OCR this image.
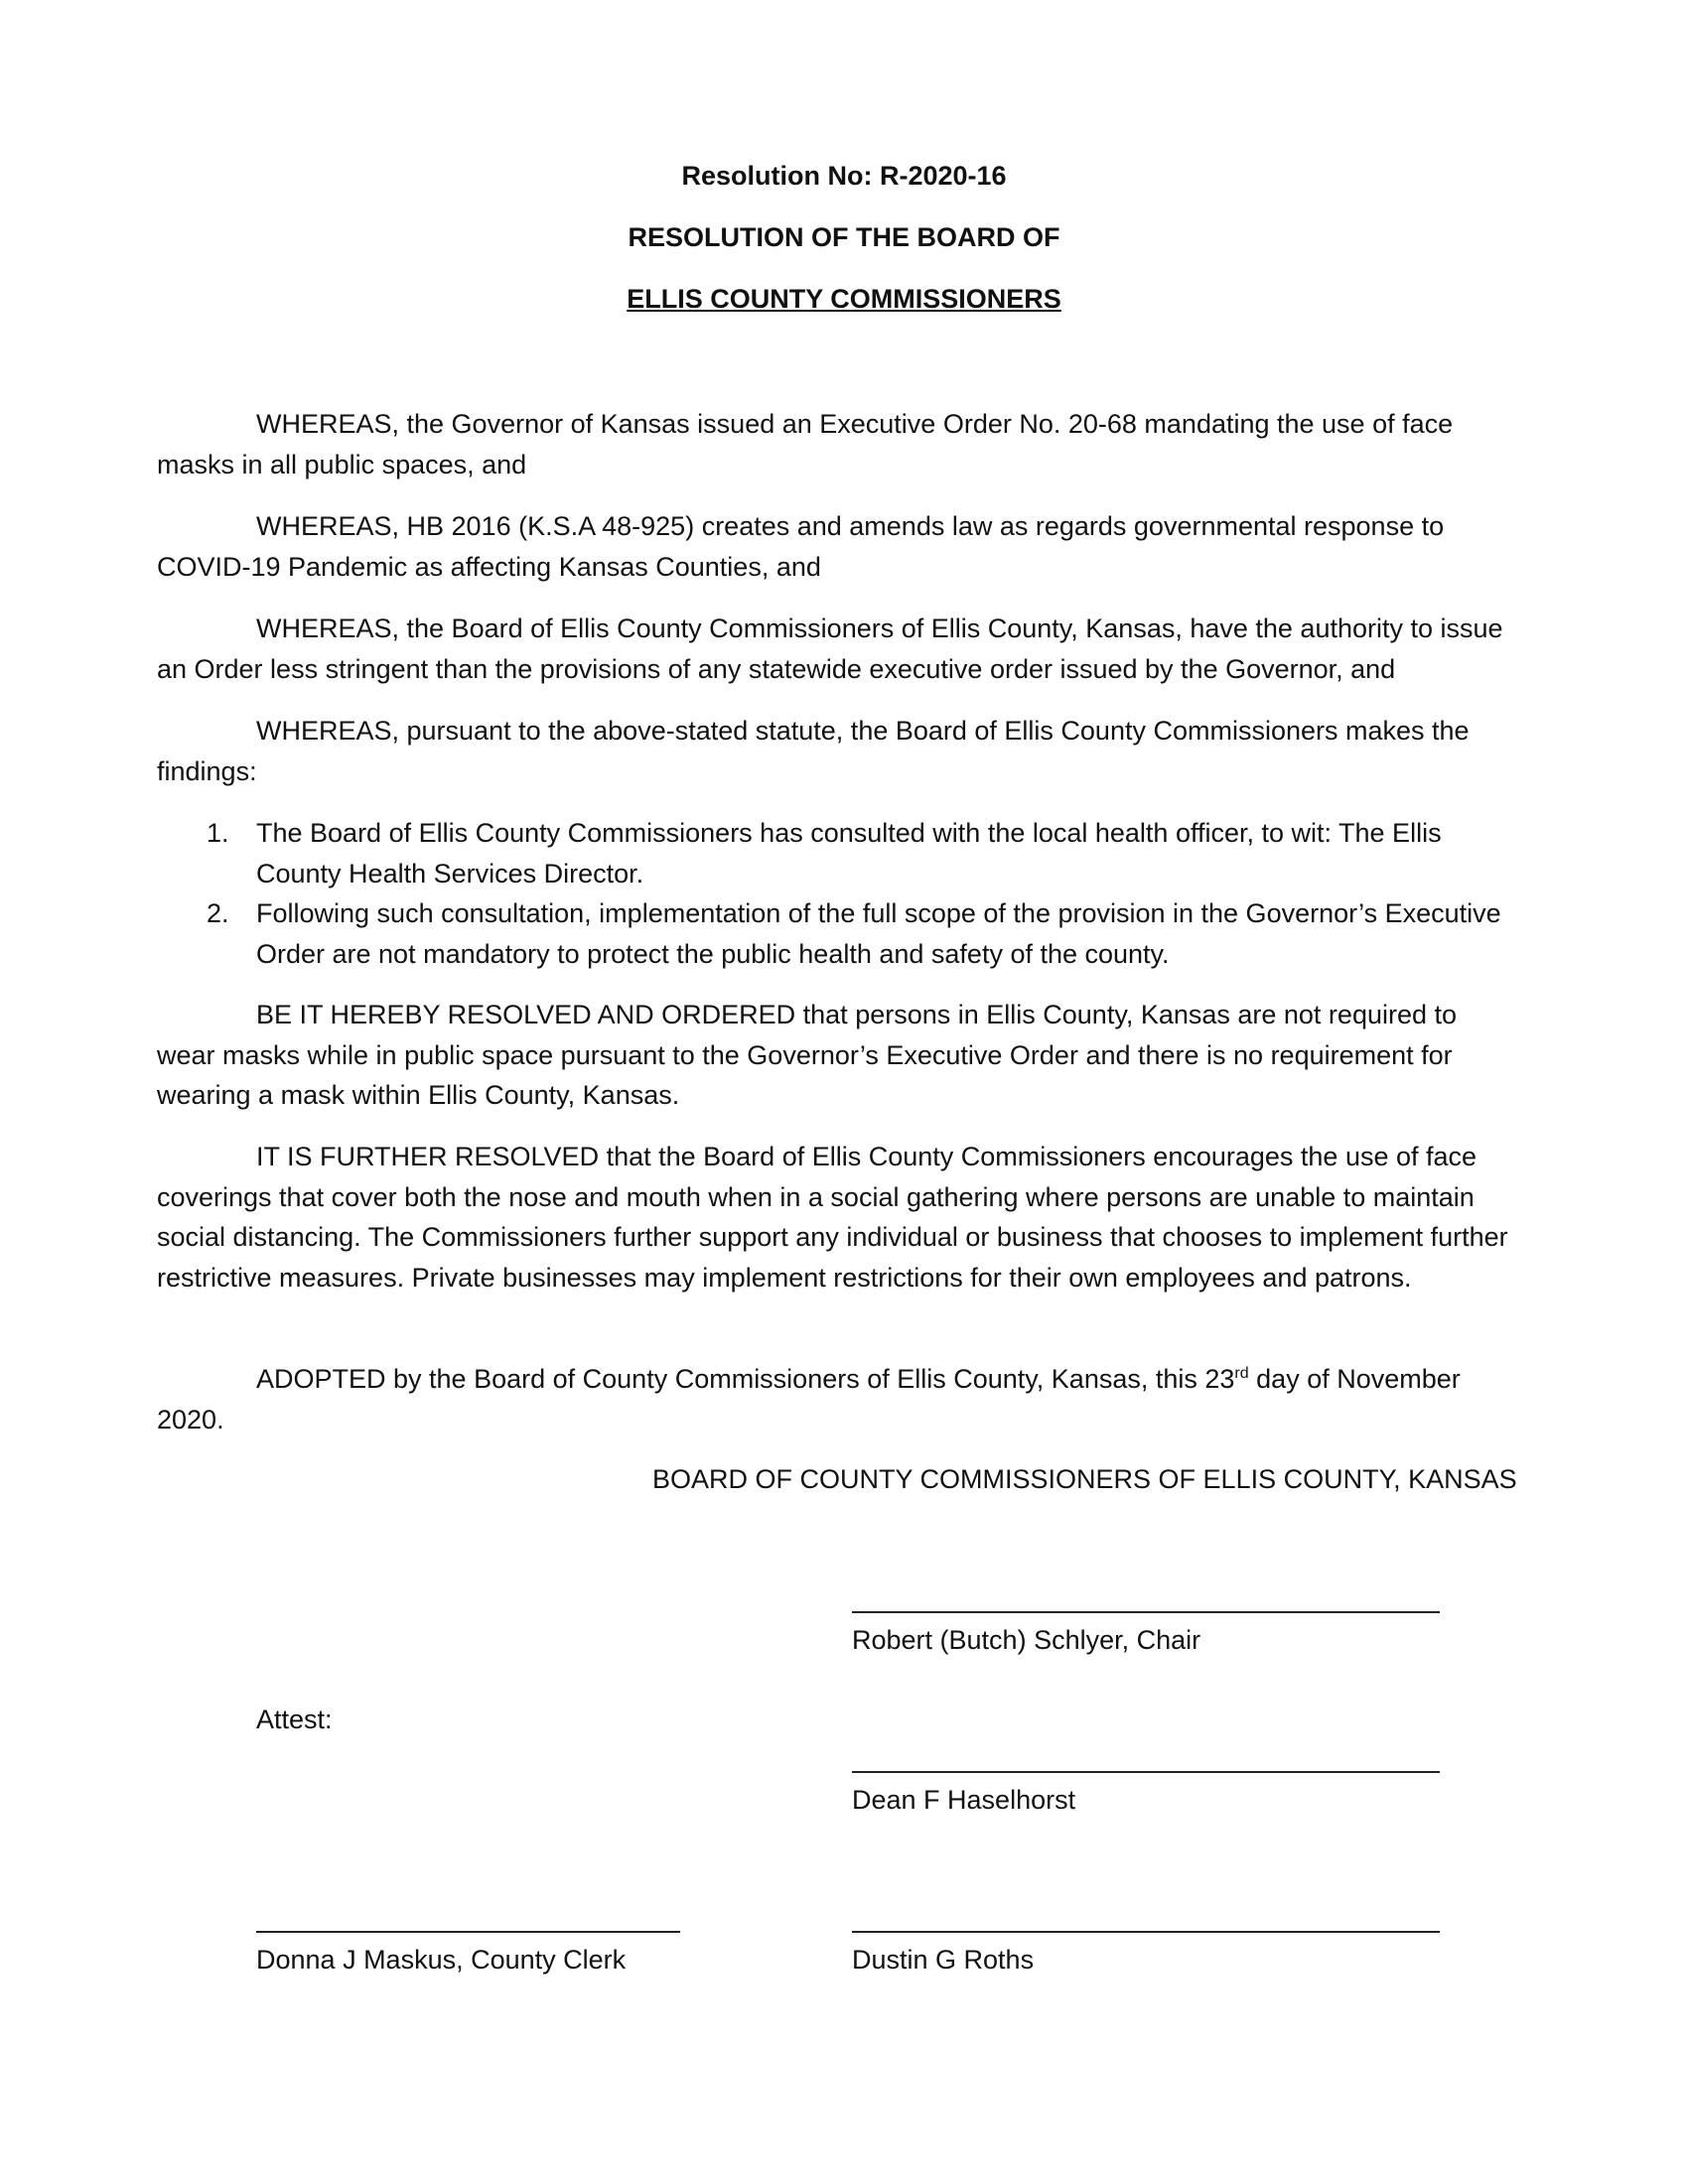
Resolution No: R-2020-16
RESOLUTION OF THE BOARD OF
ELLIS COUNTY COMMISSIONERS
WHEREAS, the Governor of Kansas issued an Executive Order No. 20-68 mandating the use of face masks in all public spaces, and
WHEREAS, HB 2016 (K.S.A 48-925) creates and amends law as regards governmental response to COVID-19 Pandemic as affecting Kansas Counties, and
WHEREAS, the Board of Ellis County Commissioners of Ellis County, Kansas, have the authority to issue an Order less stringent than the provisions of any statewide executive order issued by the Governor, and
WHEREAS, pursuant to the above-stated statute, the Board of Ellis County Commissioners makes the findings:
1. The Board of Ellis County Commissioners has consulted with the local health officer, to wit: The Ellis County Health Services Director.
2. Following such consultation, implementation of the full scope of the provision in the Governor’s Executive Order are not mandatory to protect the public health and safety of the county.
BE IT HEREBY RESOLVED AND ORDERED that persons in Ellis County, Kansas are not required to wear masks while in public space pursuant to the Governor’s Executive Order and there is no requirement for wearing a mask within Ellis County, Kansas.
IT IS FURTHER RESOLVED that the Board of Ellis County Commissioners encourages the use of face coverings that cover both the nose and mouth when in a social gathering where persons are unable to maintain social distancing. The Commissioners further support any individual or business that chooses to implement further restrictive measures. Private businesses may implement restrictions for their own employees and patrons.
ADOPTED by the Board of County Commissioners of Ellis County, Kansas, this 23rd day of November 2020.
BOARD OF COUNTY COMMISSIONERS OF ELLIS COUNTY, KANSAS
Robert (Butch) Schlyer, Chair
Attest:
Dean F Haselhorst
Donna J Maskus, County Clerk	Dustin G Roths
